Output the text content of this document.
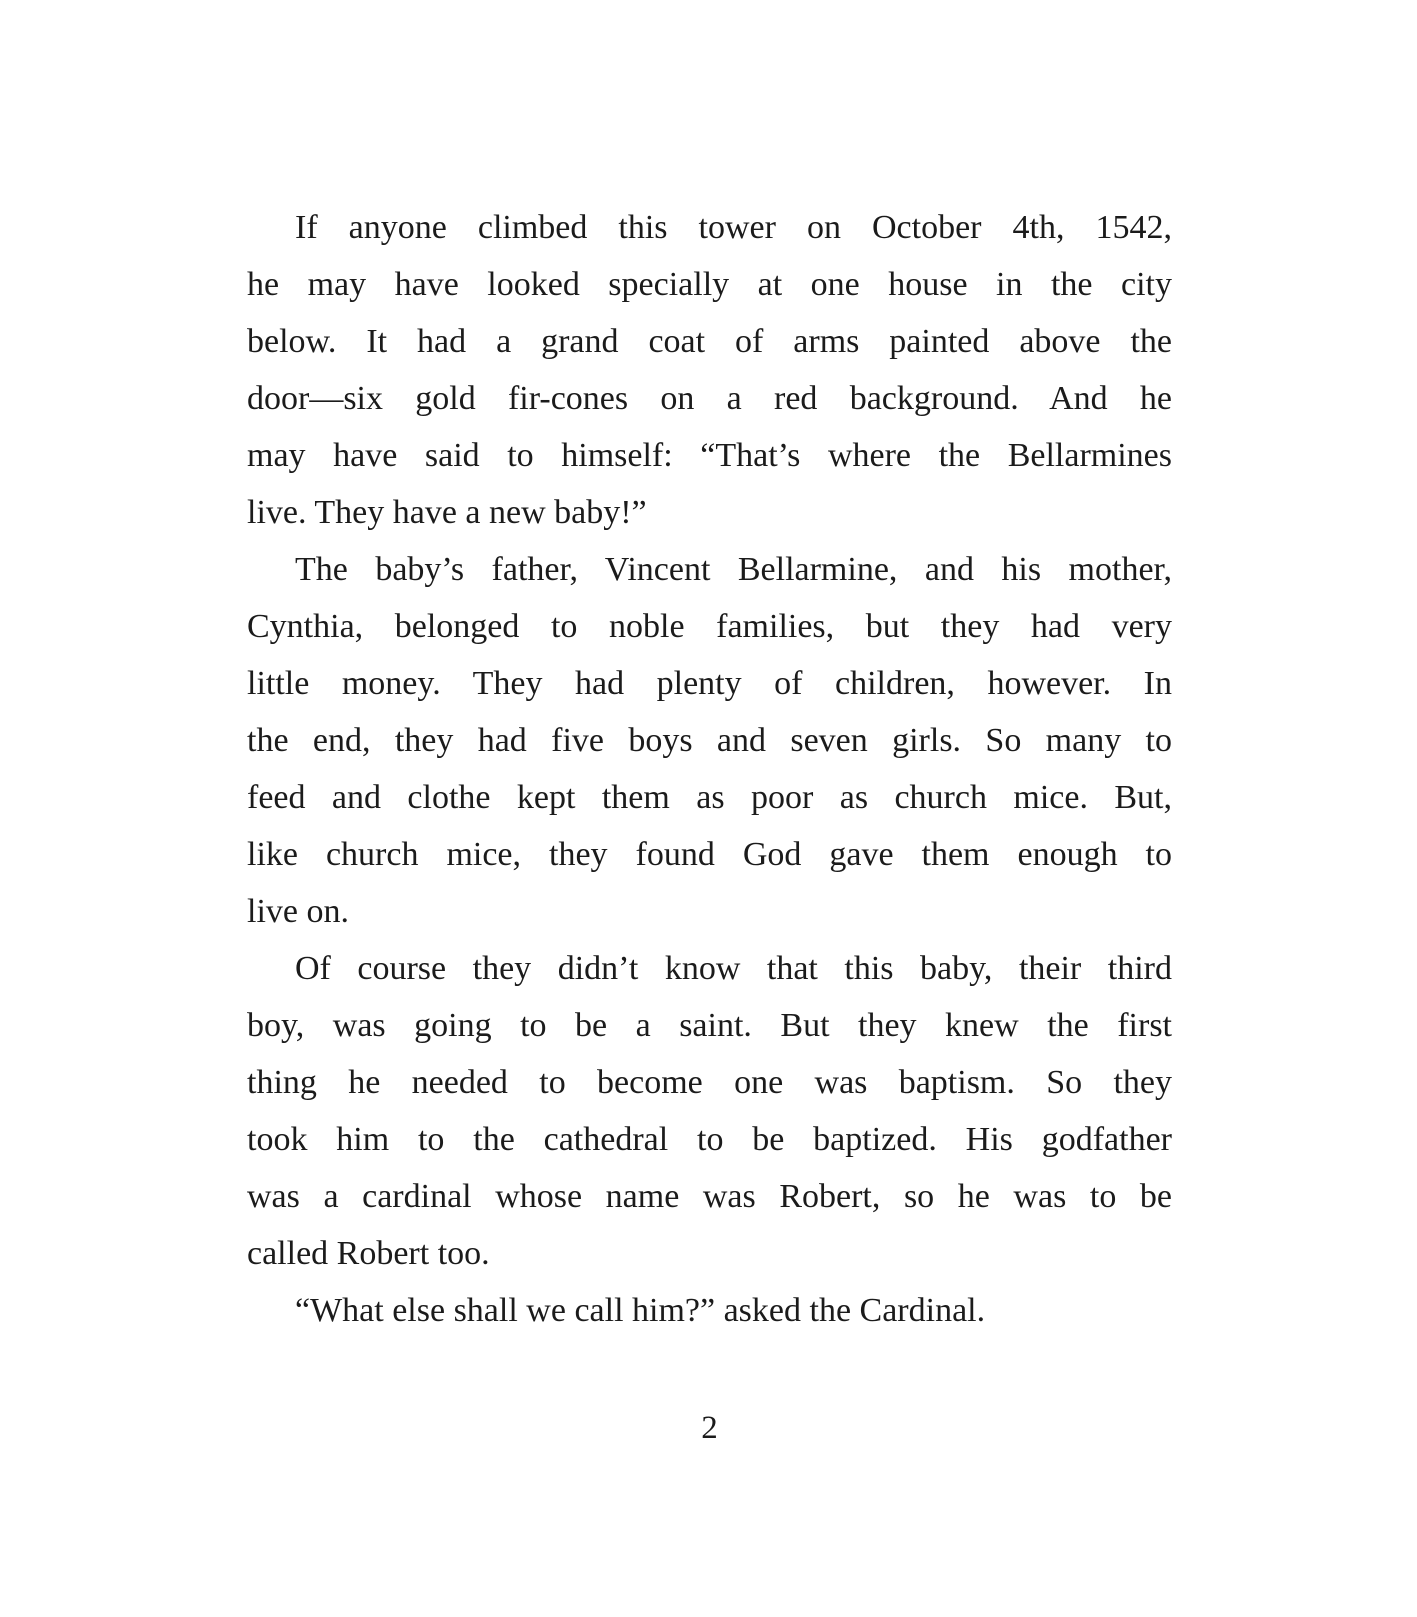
If anyone climbed this tower on October 4th, 1542,
he may have looked specially at one house in the city
below. It had a grand coat of arms painted above the
door—six gold fir-cones on a red background. And he
may have said to himself: “That’s where the Bellarmines
live. They have a new baby!”
The baby’s father, Vincent Bellarmine, and his mother,
Cynthia, belonged to noble families, but they had very
little money. They had plenty of children, however. In
the end, they had five boys and seven girls. So many to
feed and clothe kept them as poor as church mice. But,
like church mice, they found God gave them enough to
live on.
Of course they didn’t know that this baby, their third
boy, was going to be a saint. But they knew the first
thing he needed to become one was baptism. So they
took him to the cathedral to be baptized. His godfather
was a cardinal whose name was Robert, so he was to be
called Robert too.
“What else shall we call him?” asked the Cardinal.
2
